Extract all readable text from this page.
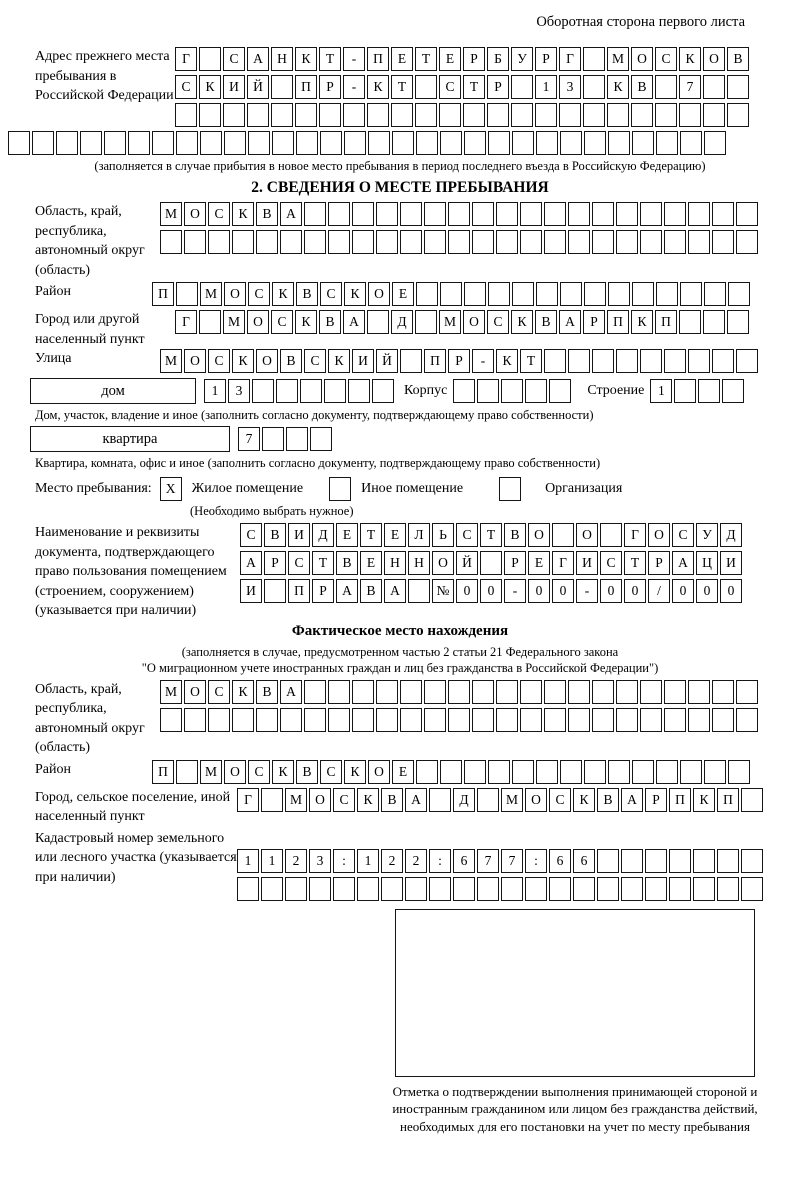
Оборотная сторона первого листа
Адрес прежнего места пребывания в Российской Федерации
Г	С	А	Н	К	Т	-	П	Е	Т	Е	Р	Б	У	Р	Г	М О	С	К	О	В
С	К	И	Й	П	Р	-	К	Т	С	Т	Р	1	3	К	В	7
(заполняется в случае прибытия в новое место пребывания в период последнего въезда в Российскую Федерацию)
2. СВЕДЕНИЯ О МЕСТЕ ПРЕБЫВАНИЯ
Область, край, республика, автономный округ (область)
М О	С	К	В	А
Район	П	М О	С	К	В	С	К	О	Е
Город или другой населенный пункт
Г	М О	С	К	В	А	Д	М О	С	К	В	А	Р	П	К	П
Улица	М О	С	К	О	В	С	К	И	Й	П	Р	-	К	Т
дом	1	3	Корпус	Строение	1
Дом, участок, владение и иное (заполнить согласно документу, подтверждающему право собственности)
квартира	7
Квартира, комната, офис и иное (заполнить согласно документу, подтверждающему право собственности)
Место пребывания:	X	Жилое помещение	Иное помещение	Организация
(Необходимо выбрать нужное)
Наименование и реквизиты документа, подтверждающего право пользования помещением (строением, сооружением) (указывается при наличии)
С	В	И	Д	Е	Т	Е	Л	Ь	С	Т	В	О	О	Г	О	С	У	Д
А	Р	С	Т	В	Е	Н	Н	О	Й	Р	Е	Г	И	С	Т	Р	А	Ц	И
И	П	Р	А	В	А	№	0	0	-	0	0	-	0	0	/	0	0	0
Фактическое место нахождения
(заполняется в случае, предусмотренном частью 2 статьи 21 Федерального закона
"О миграционном учете иностранных граждан и лиц без гражданства в Российской Федерации")
Область, край, республика, автономный округ (область)
М О	С	К	В	А
Район	П	М О	С	К	В	С	К	О	Е
Город, сельское поселение, иной населенный пункт
Г	М О	С	К	В	А	Д	М О	С	К	В	А	Р	П	К	П
Кадастровый номер земельного или лесного участка (указывается при наличии)
1	1	2	3	:	1	2	2	:	6	7	7	:	6	6
Отметка о подтверждении выполнения принимающей стороной и иностранным гражданином или лицом без гражданства действий, необходимых для его постановки на учет по месту пребывания
